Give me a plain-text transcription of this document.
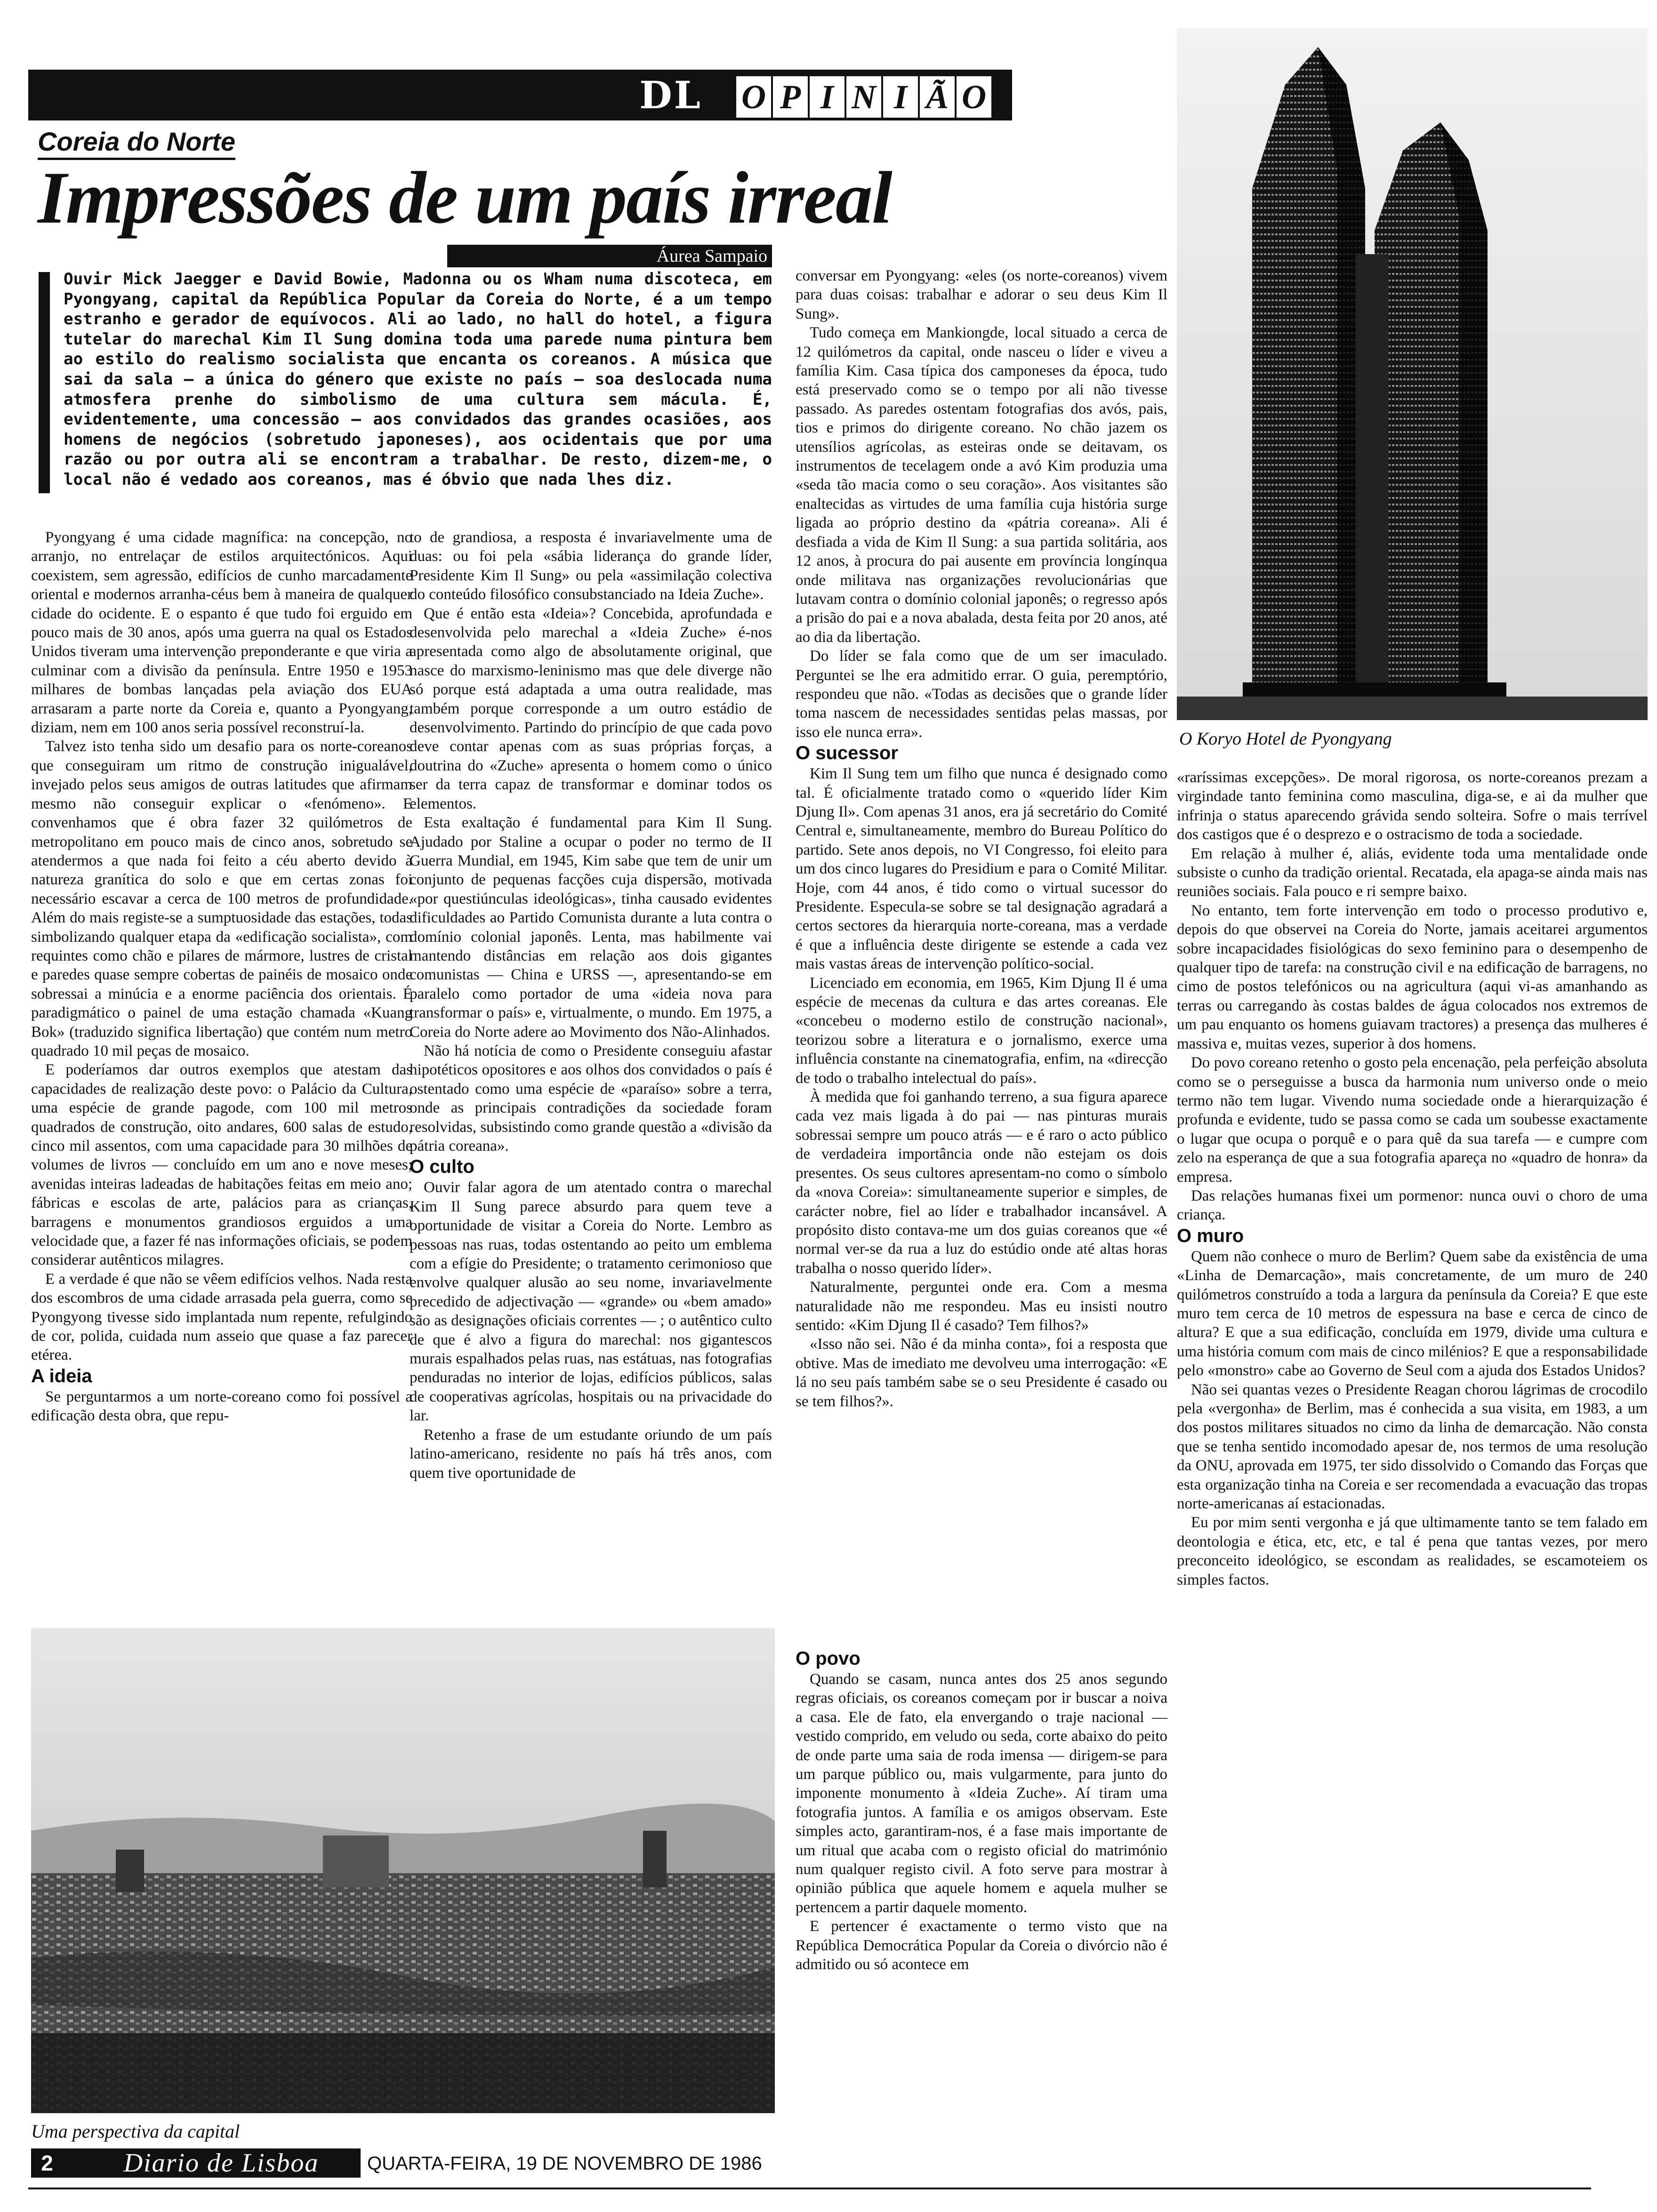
DL	O P I N I Ã O
Coreia do Norte
Impressões de um país irreal
Áurea Sampaio

Ouvir Mick Jaegger e David Bowie, Madonna ou os Wham numa discoteca, em Pyongyang, capital da República Popular da Coreia do Norte, é a um tempo estranho e gerador de equívocos. Ali ao lado, no hall do hotel, a figura tutelar do marechal Kim Il Sung domina toda uma parede numa pintura bem ao estilo do realismo socialista que encanta os coreanos. A música que sai da sala — a única do género que existe no país — soa deslocada numa atmosfera prenhe do simbolismo de uma cultura sem mácula. É, evidentemente, uma concessão — aos convidados das grandes ocasiões, aos homens de negócios (sobretudo japoneses), aos ocidentais que por uma razão ou por outra ali se encontram a trabalhar. De resto, dizem-me, o local não é vedado aos coreanos, mas é óbvio que nada lhes diz.

Pyongyang é uma cidade magnífica: na concepção, no arranjo, no entrelaçar de estilos arquitectónicos. Aqui coexistem, sem agressão, edifícios de cunho marcadamente oriental e modernos arranha-céus bem à maneira de qualquer cidade do ocidente. E o espanto é que tudo foi erguido em pouco mais de 30 anos, após uma guerra na qual os Estados Unidos tiveram uma intervenção preponderante e que viria a culminar com a divisão da península. Entre 1950 e 1953 milhares de bombas lançadas pela aviação dos EUA arrasaram a parte norte da Coreia e, quanto a Pyongyang, diziam, nem em 100 anos seria possível reconstruí-la.

Talvez isto tenha sido um desafio para os norte-coreanos que conseguiram um ritmo de construção inigualável, invejado pelos seus amigos de outras latitudes que afirmam mesmo não conseguir explicar o «fenómeno». E convenhamos que é obra fazer 32 quilómetros de metropolitano em pouco mais de cinco anos, sobretudo se atendermos a que nada foi feito a céu aberto devido à natureza granítica do solo e que em certas zonas foi necessário escavar a cerca de 100 metros de profundidade. Além do mais registe-se a sumptuosidade das estações, todas simbolizando qualquer etapa da «edificação socialista», com requintes como chão e pilares de mármore, lustres de cristal e paredes quase sempre cobertas de painéis de mosaico onde sobressai a minúcia e a enorme paciência dos orientais. É paradigmático o painel de uma estação chamada «Kuang Bok» (traduzido significa libertação) que contém num metro quadrado 10 mil peças de mosaico.

E poderíamos dar outros exemplos que atestam das capacidades de realização deste povo: o Palácio da Cultura, uma espécie de grande pagode, com 100 mil metros quadrados de construção, oito andares, 600 salas de estudo, cinco mil assentos, com uma capacidade para 30 milhões de volumes de livros — concluído em um ano e nove meses; avenidas inteiras ladeadas de habitações feitas em meio ano; fábricas e escolas de arte, palácios para as crianças, barragens e monumentos grandiosos erguidos a uma velocidade que, a fazer fé nas informações oficiais, se podem considerar autênticos milagres.

E a verdade é que não se vêem edifícios velhos. Nada resta dos escombros de uma cidade arrasada pela guerra, como se Pyongyong tivesse sido implantada num repente, refulgindo de cor, polida, cuidada num asseio que quase a faz parecer etérea.

A ideia

Se perguntarmos a um norte-coreano como foi possível a edificação desta obra, que repu-

to de grandiosa, a resposta é invariavelmente uma de duas: ou foi pela «sábia liderança do grande líder, Presidente Kim Il Sung» ou pela «assimilação colectiva do conteúdo filosófico consubstanciado na Ideia Zuche».

Que é então esta «Ideia»? Concebida, aprofundada e desenvolvida pelo marechal a «Ideia Zuche» é-nos apresentada como algo de absolutamente original, que nasce do marxismo-leninismo mas que dele diverge não só porque está adaptada a uma outra realidade, mas também porque corresponde a um outro estádio de desenvolvimento. Partindo do princípio de que cada povo deve contar apenas com as suas próprias forças, a doutrina do «Zuche» apresenta o homem como o único ser da terra capaz de transformar e dominar todos os elementos.

Esta exaltação é fundamental para Kim Il Sung. Ajudado por Staline a ocupar o poder no termo de II Guerra Mundial, em 1945, Kim sabe que tem de unir um conjunto de pequenas facções cuja dispersão, motivada «por questiúnculas ideológicas», tinha causado evidentes dificuldades ao Partido Comunista durante a luta contra o domínio colonial japonês. Lenta, mas habilmente vai mantendo distâncias em relação aos dois gigantes comunistas — China e URSS —, apresentando-se em paralelo como portador de uma «ideia nova para transformar o país» e, virtualmente, o mundo. Em 1975, a Coreia do Norte adere ao Movimento dos Não-Alinhados.

Não há notícia de como o Presidente conseguiu afastar hipotéticos opositores e aos olhos dos convidados o país é ostentado como uma espécie de «paraíso» sobre a terra, onde as principais contradições da sociedade foram resolvidas, subsistindo como grande questão a «divisão da pátria coreana».

O culto

Ouvir falar agora de um atentado contra o marechal Kim Il Sung parece absurdo para quem teve a oportunidade de visitar a Coreia do Norte. Lembro as pessoas nas ruas, todas ostentando ao peito um emblema com a efígie do Presidente; o tratamento cerimonioso que envolve qualquer alusão ao seu nome, invariavelmente precedido de adjectivação — «grande» ou «bem amado» são as designações oficiais correntes — ; o autêntico culto de que é alvo a figura do marechal: nos gigantescos murais espalhados pelas ruas, nas estátuas, nas fotografias penduradas no interior de lojas, edifícios públicos, salas de cooperativas agrícolas, hospitais ou na privacidade do lar.

Retenho a frase de um estudante oriundo de um país latino-americano, residente no país há três anos, com quem tive oportunidade de

conversar em Pyongyang: «eles (os norte-coreanos) vivem para duas coisas: trabalhar e adorar o seu deus Kim Il Sung».

Tudo começa em Mankiongde, local situado a cerca de 12 quilómetros da capital, onde nasceu o líder e viveu a família Kim. Casa típica dos camponeses da época, tudo está preservado como se o tempo por ali não tivesse passado. As paredes ostentam fotografias dos avós, pais, tios e primos do dirigente coreano. No chão jazem os utensílios agrícolas, as esteiras onde se deitavam, os instrumentos de tecelagem onde a avó Kim produzia uma «seda tão macia como o seu coração». Aos visitantes são enaltecidas as virtudes de uma família cuja história surge ligada ao próprio destino da «pátria coreana». Ali é desfiada a vida de Kim Il Sung: a sua partida solitária, aos 12 anos, à procura do pai ausente em província longínqua onde militava nas organizações revolucionárias que lutavam contra o domínio colonial japonês; o regresso após a prisão do pai e a nova abalada, desta feita por 20 anos, até ao dia da libertação.

Do líder se fala como que de um ser imaculado. Perguntei se lhe era admitido errar. O guia, peremptório, respondeu que não. «Todas as decisões que o grande líder toma nascem de necessidades sentidas pelas massas, por isso ele nunca erra».

O sucessor

Kim Il Sung tem um filho que nunca é designado como tal. É oficialmente tratado como o «querido líder Kim Djung Il». Com apenas 31 anos, era já secretário do Comité Central e, simultaneamente, membro do Bureau Político do partido. Sete anos depois, no VI Congresso, foi eleito para um dos cinco lugares do Presidium e para o Comité Militar. Hoje, com 44 anos, é tido como o virtual sucessor do Presidente. Especula-se sobre se tal designação agradará a certos sectores da hierarquia norte-coreana, mas a verdade é que a influência deste dirigente se estende a cada vez mais vastas áreas de intervenção político-social.

Licenciado em economia, em 1965, Kim Djung Il é uma espécie de mecenas da cultura e das artes coreanas. Ele «concebeu o moderno estilo de construção nacional», teorizou sobre a literatura e o jornalismo, exerce uma influência constante na cinematografia, enfim, na «direcção de todo o trabalho intelectual do país».

À medida que foi ganhando terreno, a sua figura aparece cada vez mais ligada à do pai — nas pinturas murais sobressai sempre um pouco atrás — e é raro o acto público de verdadeira importância onde não estejam os dois presentes. Os seus cultores apresentam-no como o símbolo da «nova Coreia»: simultaneamente superior e simples, de carácter nobre, fiel ao líder e trabalhador incansável. A propósito disto contava-me um dos guias coreanos que «é normal ver-se da rua a luz do estúdio onde até altas horas trabalha o nosso querido líder».

Naturalmente, perguntei onde era. Com a mesma naturalidade não me respondeu. Mas eu insisti noutro sentido: «Kim Djung Il é casado? Tem filhos?»

«Isso não sei. Não é da minha conta», foi a resposta que obtive. Mas de imediato me devolveu uma interrogação: «E lá no seu país também sabe se o seu Presidente é casado ou se tem filhos?».

O povo

Quando se casam, nunca antes dos 25 anos segundo regras oficiais, os coreanos começam por ir buscar a noiva a casa. Ele de fato, ela envergando o traje nacional — vestido comprido, em veludo ou seda, corte abaixo do peito de onde parte uma saia de roda imensa — dirigem-se para um parque público ou, mais vulgarmente, para junto do imponente monumento à «Ideia Zuche». Aí tiram uma fotografia juntos. A família e os amigos observam. Este simples acto, garantiram-nos, é a fase mais importante de um ritual que acaba com o registo oficial do matrimónio num qualquer registo civil. A foto serve para mostrar à opinião pública que aquele homem e aquela mulher se pertencem a partir daquele momento.

E pertencer é exactamente o termo visto que na República Democrática Popular da Coreia o divórcio não é admitido ou só acontece em

O Koryo Hotel de Pyongyang

«raríssimas excepções». De moral rigorosa, os norte-coreanos prezam a virgindade tanto feminina como masculina, diga-se, e ai da mulher que infrinja o status aparecendo grávida sendo solteira. Sofre o mais terrível dos castigos que é o desprezo e o ostracismo de toda a sociedade.

Em relação à mulher é, aliás, evidente toda uma mentalidade onde subsiste o cunho da tradição oriental. Recatada, ela apaga-se ainda mais nas reuniões sociais. Fala pouco e ri sempre baixo.

No entanto, tem forte intervenção em todo o processo produtivo e, depois do que observei na Coreia do Norte, jamais aceitarei argumentos sobre incapacidades fisiológicas do sexo feminino para o desempenho de qualquer tipo de tarefa: na construção civil e na edificação de barragens, no cimo de postos telefónicos ou na agricultura (aqui vi-as amanhando as terras ou carregando às costas baldes de água colocados nos extremos de um pau enquanto os homens guiavam tractores) a presença das mulheres é massiva e, muitas vezes, superior à dos homens.

Do povo coreano retenho o gosto pela encenação, pela perfeição absoluta como se o perseguisse a busca da harmonia num universo onde o meio termo não tem lugar. Vivendo numa sociedade onde a hierarquização é profunda e evidente, tudo se passa como se cada um soubesse exactamente o lugar que ocupa o porquê e o para quê da sua tarefa — e cumpre com zelo na esperança de que a sua fotografia apareça no «quadro de honra» da empresa.

Das relações humanas fixei um pormenor: nunca ouvi o choro de uma criança.

O muro

Quem não conhece o muro de Berlim? Quem sabe da existência de uma «Linha de Demarcação», mais concretamente, de um muro de 240 quilómetros construído a toda a largura da península da Coreia? E que este muro tem cerca de 10 metros de espessura na base e cerca de cinco de altura? E que a sua edificação, concluída em 1979, divide uma cultura e uma história comum com mais de cinco milénios? E que a responsabilidade pelo «monstro» cabe ao Governo de Seul com a ajuda dos Estados Unidos?

Não sei quantas vezes o Presidente Reagan chorou lágrimas de crocodilo pela «vergonha» de Berlim, mas é conhecida a sua visita, em 1983, a um dos postos militares situados no cimo da linha de demarcação. Não consta que se tenha sentido incomodado apesar de, nos termos de uma resolução da ONU, aprovada em 1975, ter sido dissolvido o Comando das Forças que esta organização tinha na Coreia e ser recomendada a evacuação das tropas norte-americanas aí estacionadas.

Eu por mim senti vergonha e já que ultimamente tanto se tem falado em deontologia e ética, etc, etc, e tal é pena que tantas vezes, por mero preconceito ideológico, se escondam as realidades, se escamoteiem os simples factos.

Uma perspectiva da capital
2	Diario de Lisboa	QUARTA-FEIRA, 19 DE NOVEMBRO DE 1986
